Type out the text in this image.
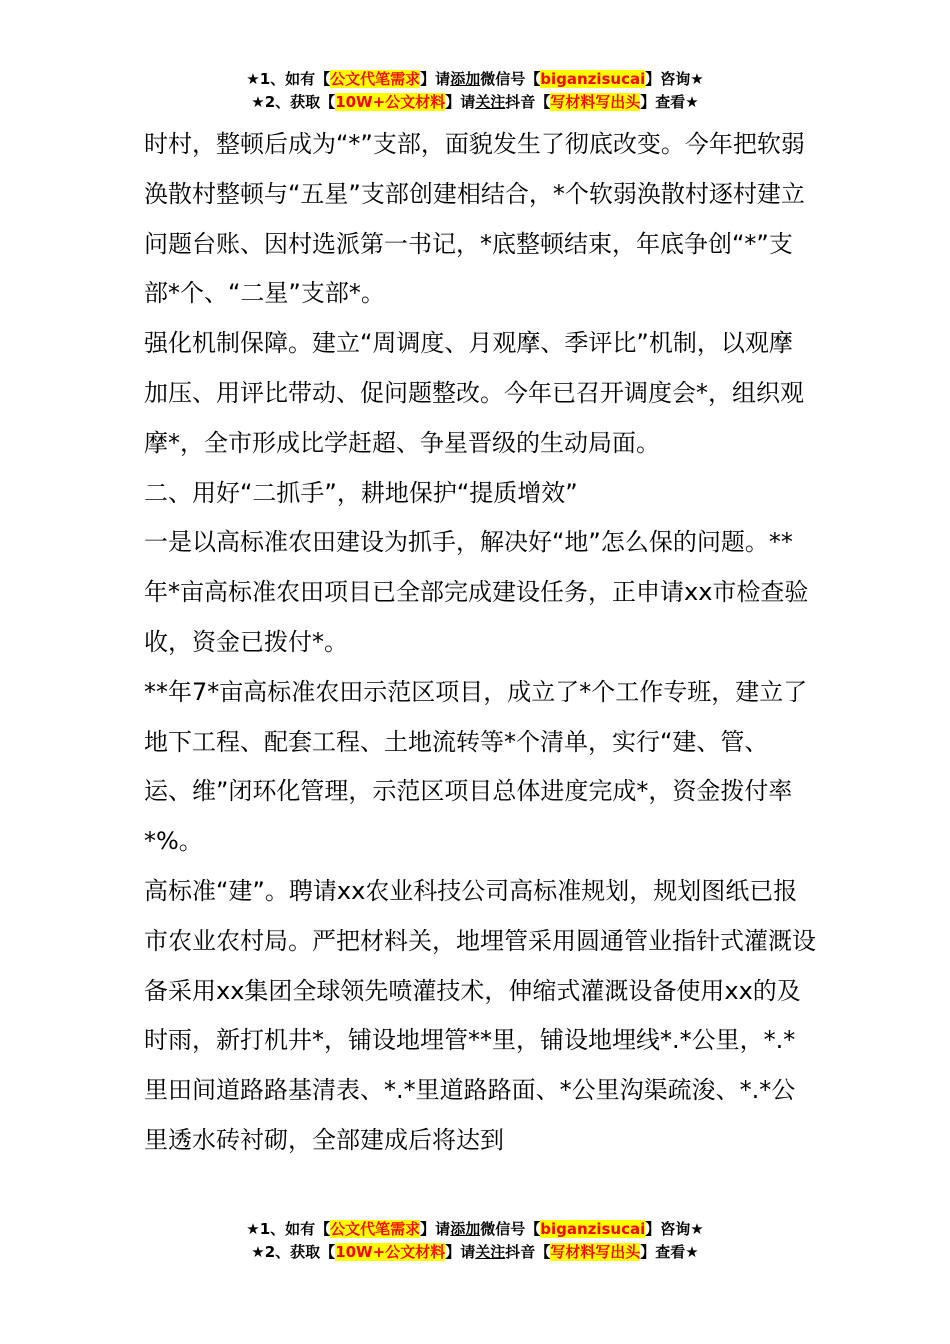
★1、如有【公文代笔需求】请添加微信号【biganzisucai】咨询★
★2、获取【10W+公文材料】请关注抖音【写材料写出头】查看★

时村，整顿后成为“*”支部，面貌发生了彻底改变。今年把软弱涣散村整顿与“五星”支部创建相结合，*个软弱涣散村逐村建立问题台账、因村选派第一书记，*底整顿结束，年底争创“*”支部*个、“二星”支部*。

强化机制保障。建立“周调度、月观摩、季评比”机制，以观摩加压、用评比带动、促问题整改。今年已召开调度会*，组织观摩*，全市形成比学赶超、争星晋级的生动局面。

二、用好“二抓手”，耕地保护“提质增效”

一是以高标准农田建设为抓手，解决好“地”怎么保的问题。**年*亩高标准农田项目已全部完成建设任务，正申请xx市检查验收，资金已拨付*。

**年7*亩高标准农田示范区项目，成立了*个工作专班，建立了地下工程、配套工程、土地流转等*个清单，实行“建、管、运、维”闭环化管理，示范区项目总体进度完成*，资金拨付率*%。

高标准“建”。聘请xx农业科技公司高标准规划，规划图纸已报市农业农村局。严把材料关，地埋管采用圆通管业指针式灌溉设备采用xx集团全球领先喷灌技术，伸缩式灌溉设备使用xx的及时雨，新打机井*，铺设地埋管**里，铺设地埋线*.*公里，*.*里田间道路路基清表、*.*里道路路面、*公里沟渠疏浚、*.*公里透水砖衬砌，全部建成后将达到

★1、如有【公文代笔需求】请添加微信号【biganzisucai】咨询★
★2、获取【10W+公文材料】请关注抖音【写材料写出头】查看★
